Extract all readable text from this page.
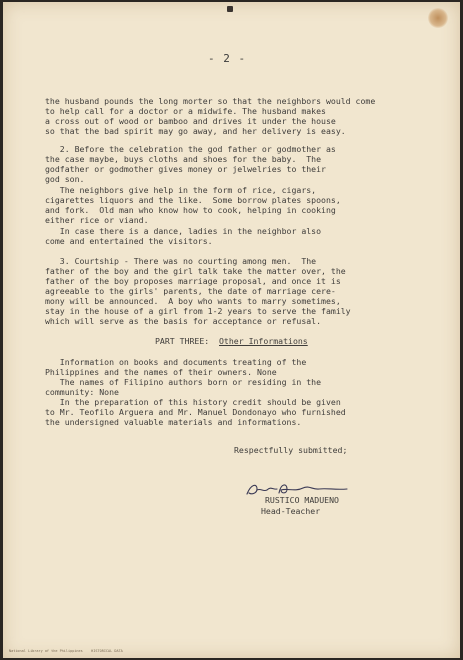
- 2 -
the husband pounds the long morter so that the neighbors would come
to help call for a doctor or a midwife. The husband makes
a cross out of wood or bamboo and drives it under the house
so that the bad spirit may go away, and her delivery is easy.
2. Before the celebration the god father or godmother as
the case maybe, buys cloths and shoes for the baby.  The
godfather or godmother gives money or jelwelries to their
god son.
The neighbors give help in the form of rice, cigars,
cigarettes liquors and the like.  Some borrow plates spoons,
and fork.  Old man who know how to cook, helping in cooking
either rice or viand.
In case there is a dance, ladies in the neighbor also
come and entertained the visitors.
3. Courtship - There was no courting among men.  The
father of the boy and the girl talk take the matter over, the
father of the boy proposes marriage proposal, and once it is
agreeable to the girls' parents, the date of marriage cere-
mony will be announced.  A boy who wants to marry sometimes,
stay in the house of a girl from 1-2 years to serve the family
which will serve as the basis for acceptance or refusal.
PART THREE: Other Informations
Information on books and documents treating of the
Philippines and the names of their owners. None
The names of Filipino authors born or residing in the
community: None
In the preparation of this history credit should be given
to Mr. Teofilo Arguera and Mr. Manuel Dondonayo who furnished
the undersigned valuable materials and informations.
Respectfully submitted;
RUSTICO MADUENO
Head-Teacher
National Library of the Philippines    HISTORICAL DATA
